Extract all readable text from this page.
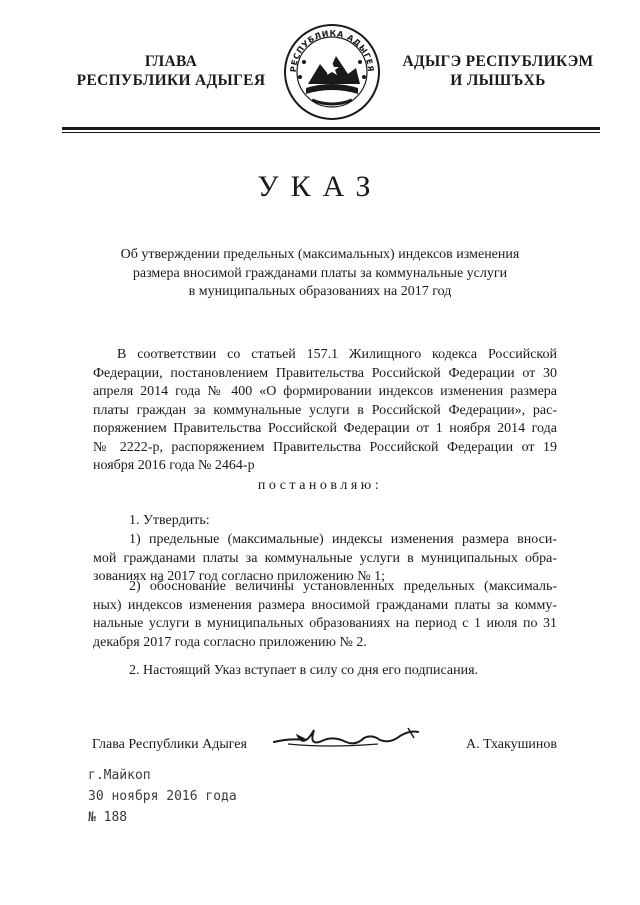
ГЛАВА
РЕСПУБЛИКИ АДЫГЕЯ
РЕСПУБЛИКА АДЫГЕЯ АДЫГЭ РЕСПУБЛИКЭМ
И ЛЫШЪХЬ
УКАЗ
Об утверждении предельных (максимальных) индексов изменения
размера вносимой гражданами платы за коммунальные услуги
в муниципальных образованиях на 2017 год
В соответствии со статьей 157.1 Жилищного кодекса Российской
Федерации, постановлением Правительства Российской Федерации от 30
апреля 2014 года № 400 «О формировании индексов изменения размера
платы граждан за коммунальные услуги в Российской Федерации», рас-
поряжением Правительства Российской Федерации от 1 ноября 2014 года
№ 2222-р, распоряжением Правительства Российской Федерации от 19
ноября 2016 года № 2464-р
постановляю:
1. Утвердить:
1) предельные (максимальные) индексы изменения размера вноси-
мой гражданами платы за коммунальные услуги в муниципальных обра-
зованиях на 2017 год согласно приложению № 1;
2) обоснование величины установленных предельных (максималь-
ных) индексов изменения размера вносимой гражданами платы за комму-
нальные услуги в муниципальных образованиях на период с 1 июля по 31
декабря 2017 года согласно приложению № 2.
2. Настоящий Указ вступает в силу со дня его подписания.
Глава Республики Адыгея	А. Тхакушинов
г.Майкоп
30 ноября 2016 года
№ 188
